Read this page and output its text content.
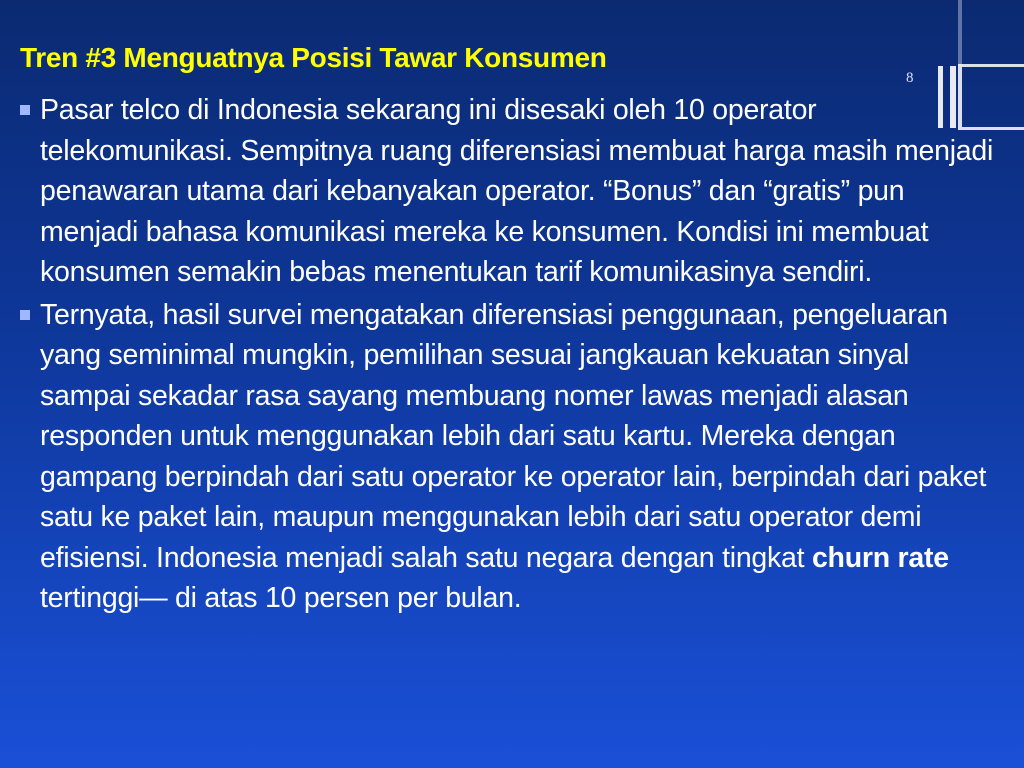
Tren #3 Menguatnya Posisi Tawar Konsumen
8
Pasar telco di Indonesia sekarang ini disesaki oleh 10 operator telekomunikasi. Sempitnya ruang diferensiasi membuat harga masih menjadi penawaran utama dari kebanyakan operator. “Bonus” dan “gratis” pun menjadi bahasa komunikasi mereka ke konsumen. Kondisi ini membuat konsumen semakin bebas menentukan tarif komunikasinya sendiri.
Ternyata, hasil survei mengatakan diferensiasi penggunaan, pengeluaran yang seminimal mungkin, pemilihan sesuai jangkauan kekuatan sinyal sampai sekadar rasa sayang membuang nomer lawas menjadi alasan responden untuk menggunakan lebih dari satu kartu. Mereka dengan gampang berpindah dari satu operator ke operator lain, berpindah dari paket satu ke paket lain, maupun menggunakan lebih dari satu operator demi efisiensi. Indonesia menjadi salah satu negara dengan tingkat churn rate tertinggi— di atas 10 persen per bulan.
